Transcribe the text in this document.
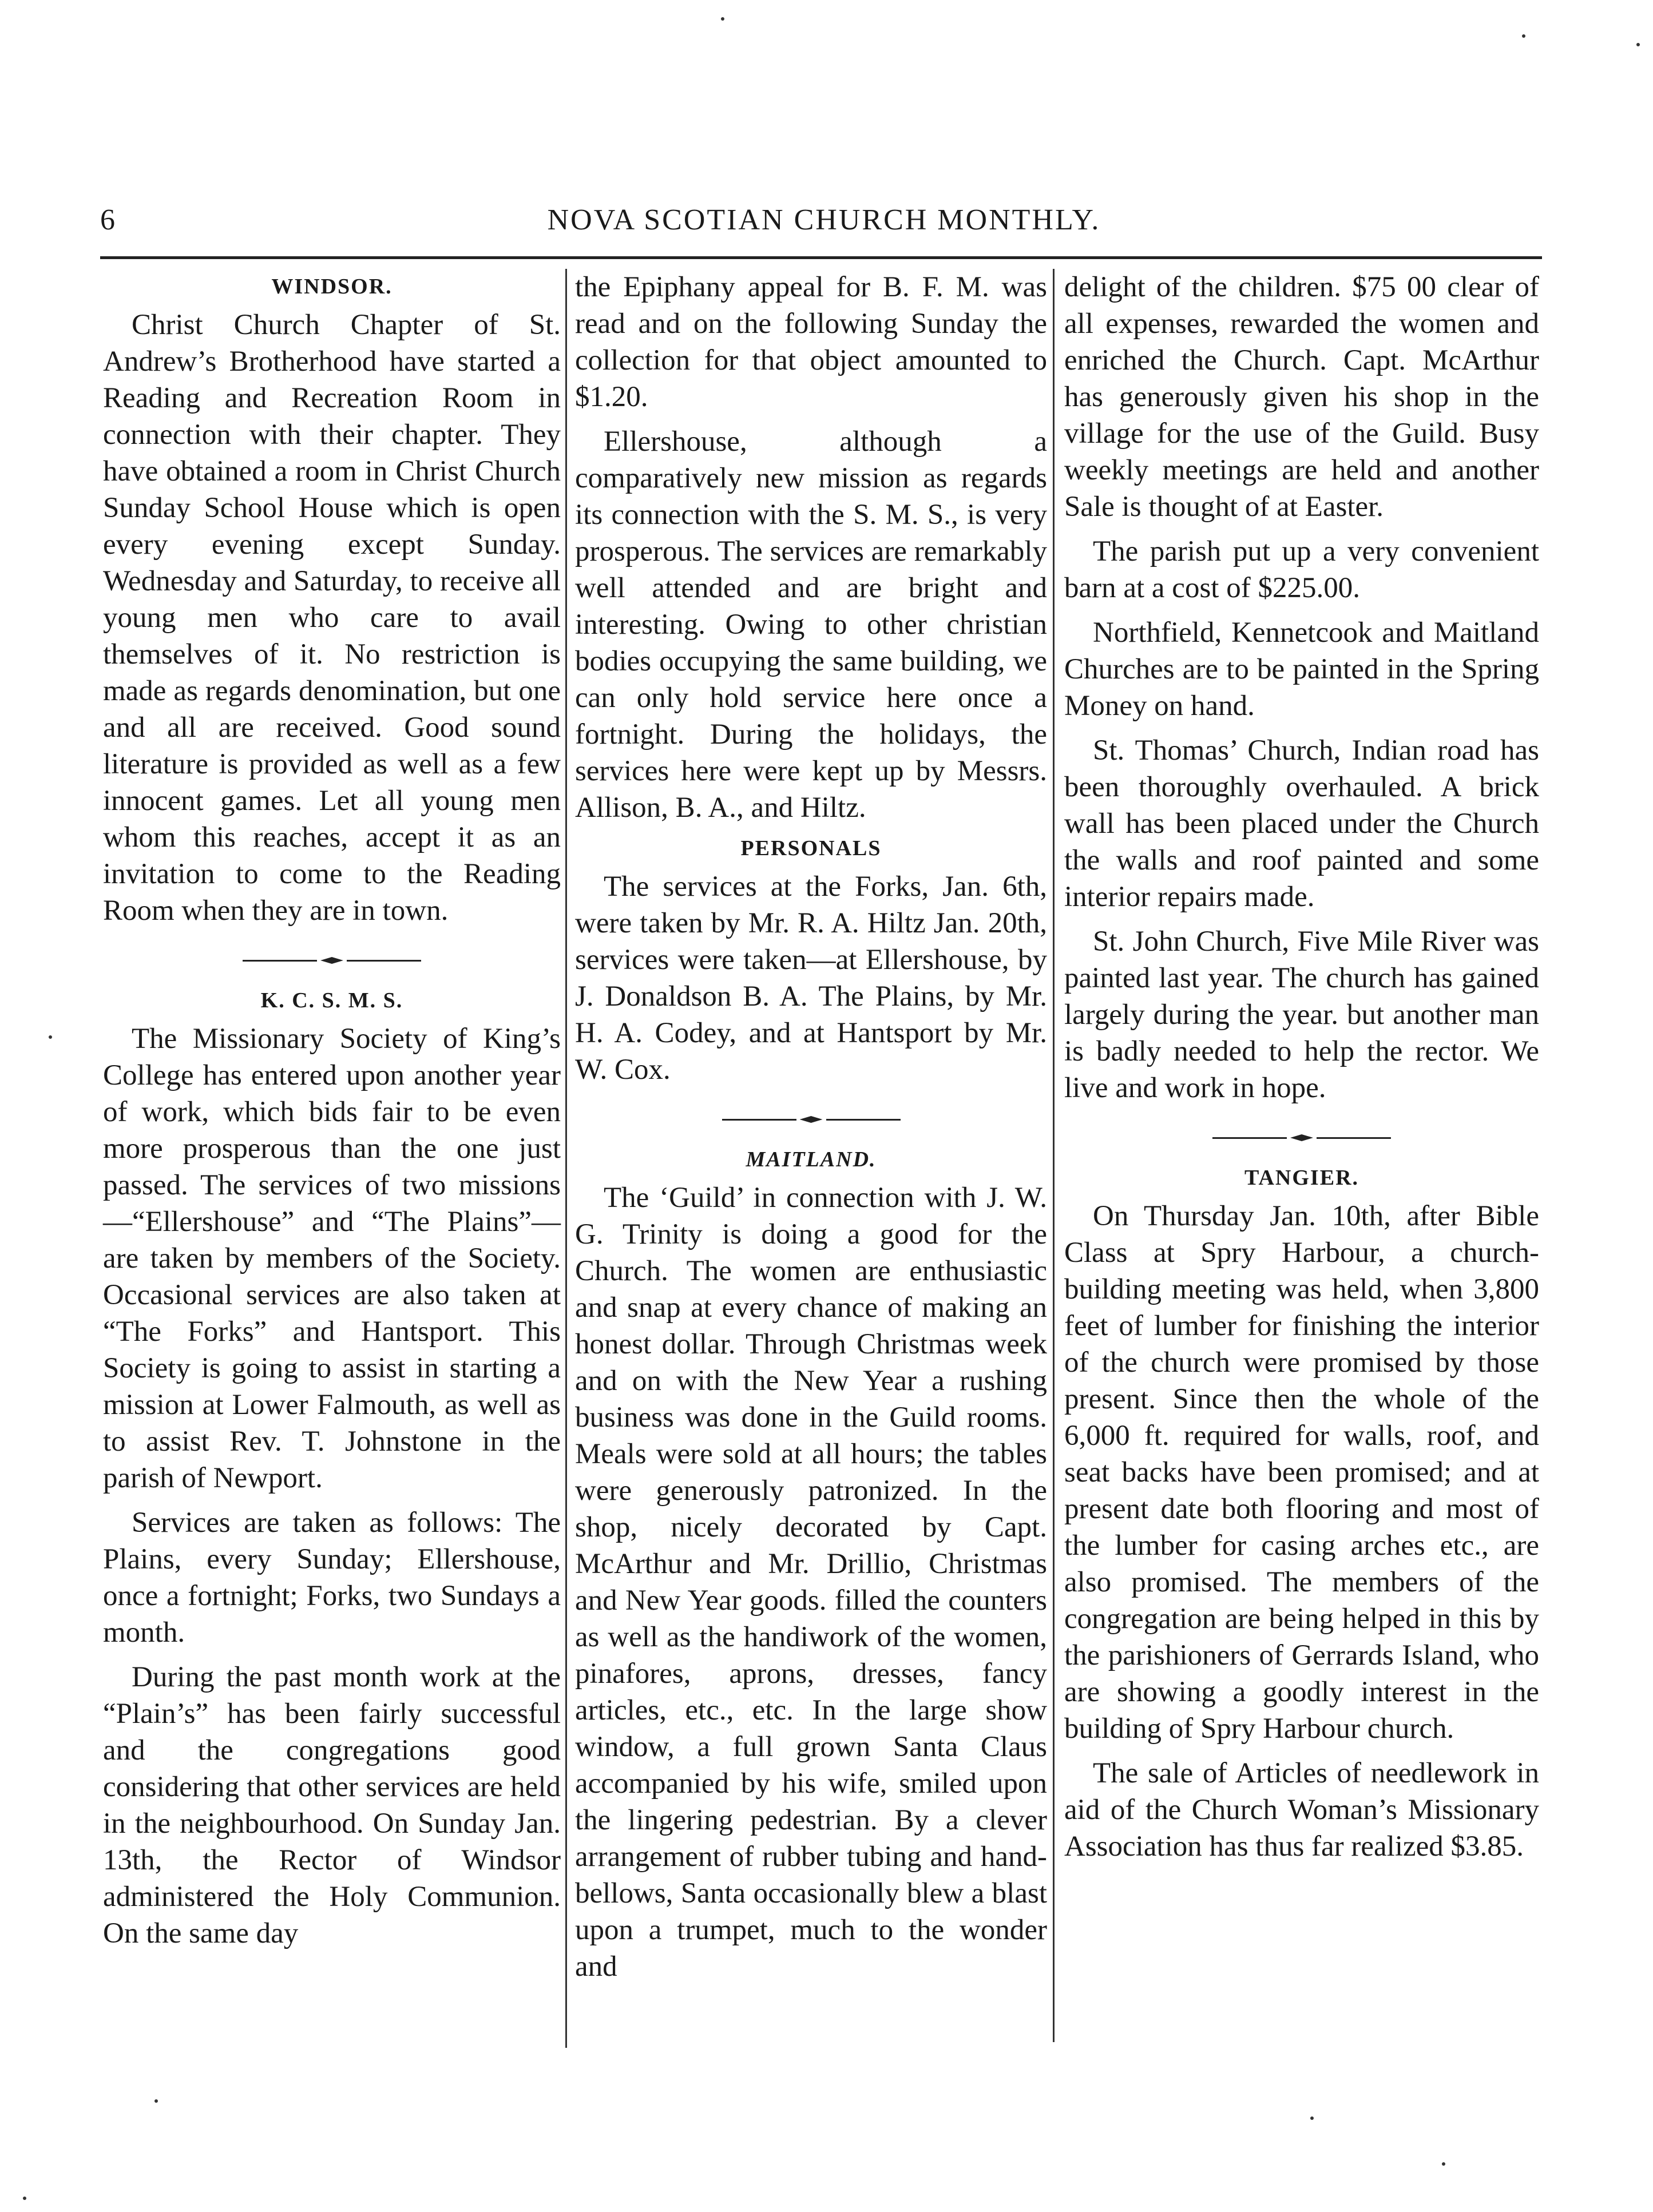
6	NOVA SCOTIAN CHURCH MONTHLY.
WINDSOR.

Christ Church Chapter of St. Andrew’s Brotherhood have started a Reading and Recreation Room in connection with their chapter. They have obtained a room in Christ Church Sunday School House which is open every evening except Sunday. Wednesday and Saturday, to receive all young men who care to avail themselves of it. No restriction is made as regards denomination, but one and all are received. Good sound literature is provided as well as a few innocent games. Let all young men whom this reaches, accept it as an invitation to come to the Reading Room when they are in town.

K. C. S. M. S.

The Missionary Society of King’s College has entered upon another year of work, which bids fair to be even more prosperous than the one just passed. The services of two missions—“Ellershouse” and “The Plains”— are taken by members of the Society. Occasional services are also taken at “The Forks” and Hantsport. This Society is going to assist in starting a mission at Lower Falmouth, as well as to assist Rev. T. Johnstone in the parish of Newport.

Services are taken as follows: The Plains, every Sunday; Ellershouse, once a fortnight; Forks, two Sundays a month.

During the past month work at the “Plain’s” has been fairly successful and the congregations good considering that other services are held in the neighbourhood. On Sunday Jan. 13th, the Rector of Windsor administered the Holy Communion. On the same day

the Epiphany appeal for B. F. M. was read and on the following Sunday the collection for that object amounted to $1.20.

Ellershouse, although a comparatively new mission as regards its connection with the S. M. S., is very prosperous. The services are remarkably well attended and are bright and interesting. Owing to other christian bodies occupying the same building, we can only hold service here once a fortnight. During the holidays, the services here were kept up by Messrs. Allison, B. A., and Hiltz.

PERSONALS

The services at the Forks, Jan. 6th, were taken by Mr. R. A. Hiltz Jan. 20th, services were taken—at Ellershouse, by J. Donaldson B. A. The Plains, by Mr. H. A. Codey, and at Hantsport by Mr. W. Cox.

MAITLAND.

The ‘Guild’ in connection with J. W. G. Trinity is doing a good for the Church. The women are enthusiastic and snap at every chance of making an honest dollar. Through Christmas week and on with the New Year a rushing business was done in the Guild rooms. Meals were sold at all hours; the tables were generously patronized. In the shop, nicely decorated by Capt. McArthur and Mr. Drillio, Christmas and New Year goods. filled the counters as well as the handiwork of the women, pinafores, aprons, dresses, fancy articles, etc., etc. In the large show window, a full grown Santa Claus accompanied by his wife, smiled upon the lingering pedestrian. By a clever arrangement of rubber tubing and hand-bellows, Santa occasionally blew a blast upon a trumpet, much to the wonder and

delight of the children. $75 00 clear of all expenses, rewarded the women and enriched the Church. Capt. McArthur has generously given his shop in the village for the use of the Guild. Busy weekly meetings are held and another Sale is thought of at Easter.

The parish put up a very convenient barn at a cost of $225.00.

Northfield, Kennetcook and Maitland Churches are to be painted in the Spring Money on hand.

St. Thomas’ Church, Indian road has been thoroughly overhauled. A brick wall has been placed under the Church the walls and roof painted and some interior repairs made.

St. John Church, Five Mile River was painted last year. The church has gained largely during the year. but another man is badly needed to help the rector. We live and work in hope.

TANGIER.

On Thursday Jan. 10th, after Bible Class at Spry Harbour, a church-building meeting was held, when 3,800 feet of lumber for finishing the interior of the church were promised by those present. Since then the whole of the 6,000 ft. required for walls, roof, and seat backs have been promised; and at present date both flooring and most of the lumber for casing arches etc., are also promised. The members of the congregation are being helped in this by the parishioners of Gerrards Island, who are showing a goodly interest in the building of Spry Harbour church.

The sale of Articles of needlework in aid of the Church Woman’s Missionary Association has thus far realized $3.85.
